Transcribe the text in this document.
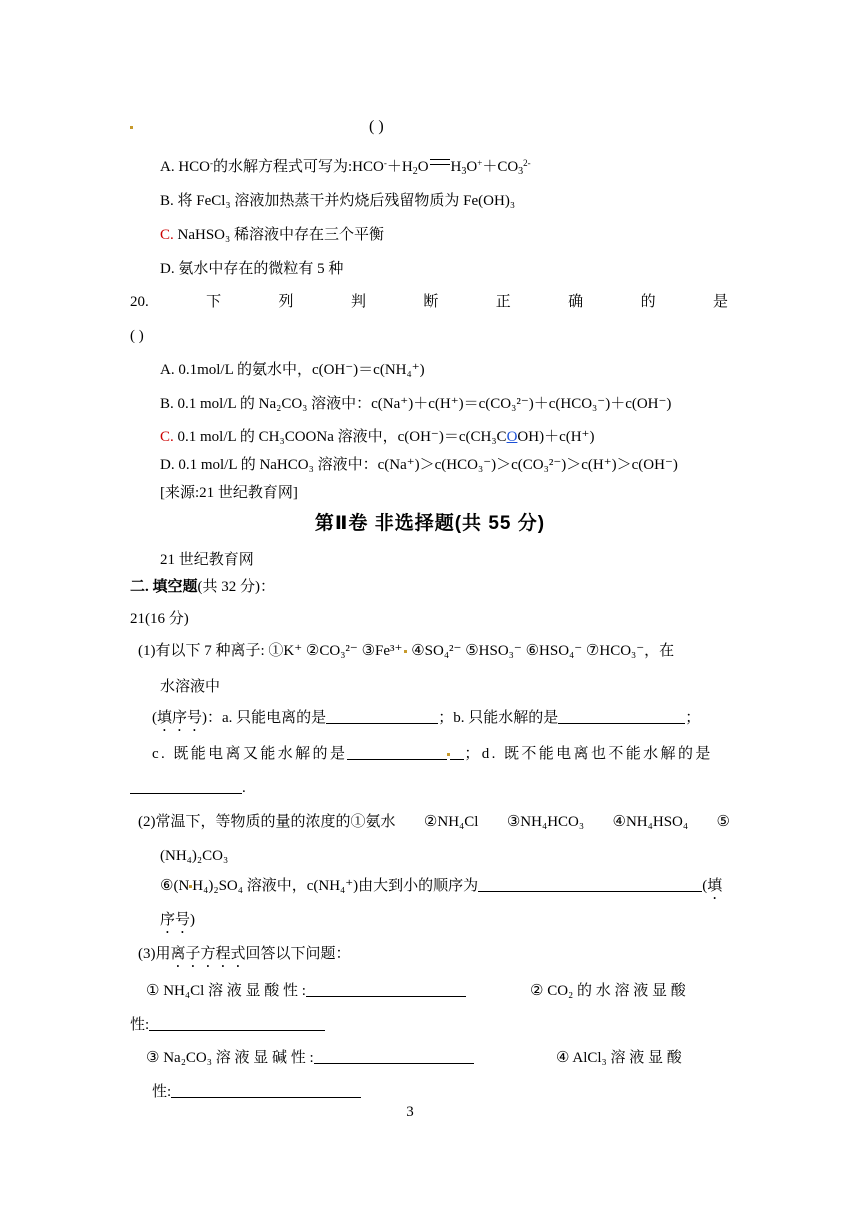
( )
A. HCO-的水解方程式可写为$:HCO^-+H_2O$ $H_3O^++CO_3^{2-}$
B. 将 FeCl₃ 溶液加热蒸干并灼烧后残留物质为 Fe(OH)₃
C. NaHSO₃ 稀溶液中存在三个平衡
D. 氨水中存在的微粒有 5 种
20.	下	列	判	断	正	确	的	是
( )
A. 0.1mol/L 的氨水中，c(OH⁻)＝c(NH₄⁺)
B. 0.1 mol/L 的 Na₂CO₃ 溶液中：c(Na⁺)＋c(H⁺)＝c(CO₃²⁻)＋c(HCO₃⁻)＋c(OH⁻)
C. 0.1 mol/L 的 CH₃COONa 溶液中，c(OH⁻)＝c(CH₃COOH)＋c(H⁺)
D. 0.1 mol/L 的 NaHCO₃ 溶液中：c(Na⁺)＞c(HCO₃⁻)＞c(CO₃²⁻)＞c(H⁺)＞c(OH⁻)
[来源:21 世纪教育网]
第Ⅱ卷 非选择题(共 55 分)
21 世纪教育网
二. 填空题(共 32 分)：
21(16 分)
(1)有以下 7 种离子: ①K⁺ ②CO₃²⁻ ③Fe³⁺ ④SO₄²⁻ ⑤HSO₃⁻ ⑥HSO₄⁻ ⑦HCO₃⁻，在
水溶液中
(填序号)：a. 只能电离的是	；b. 只能水解的是	；
c. 既能电离又能水解的是	；d. 既不能电离也不能水解的是
.
(2)常温下，等物质的量的浓度的①氨水 ②NH₄Cl ③NH₄HCO₃ ④NH₄HSO₄ ⑤
(NH₄)₂CO₃
⑥(N H₄)₂SO₄ 溶液中，c(NH₄⁺)由大到小的顺序为	(填
序号)
(3)用离子方程式回答以下问题：
① NH₄Cl 溶 液 显 酸 性 :	② CO₂ 的 水 溶 液 显 酸
性:
③ Na₂CO₃ 溶 液 显 碱 性 :	④ AlCl₃ 溶 液 显 酸
性:
3
